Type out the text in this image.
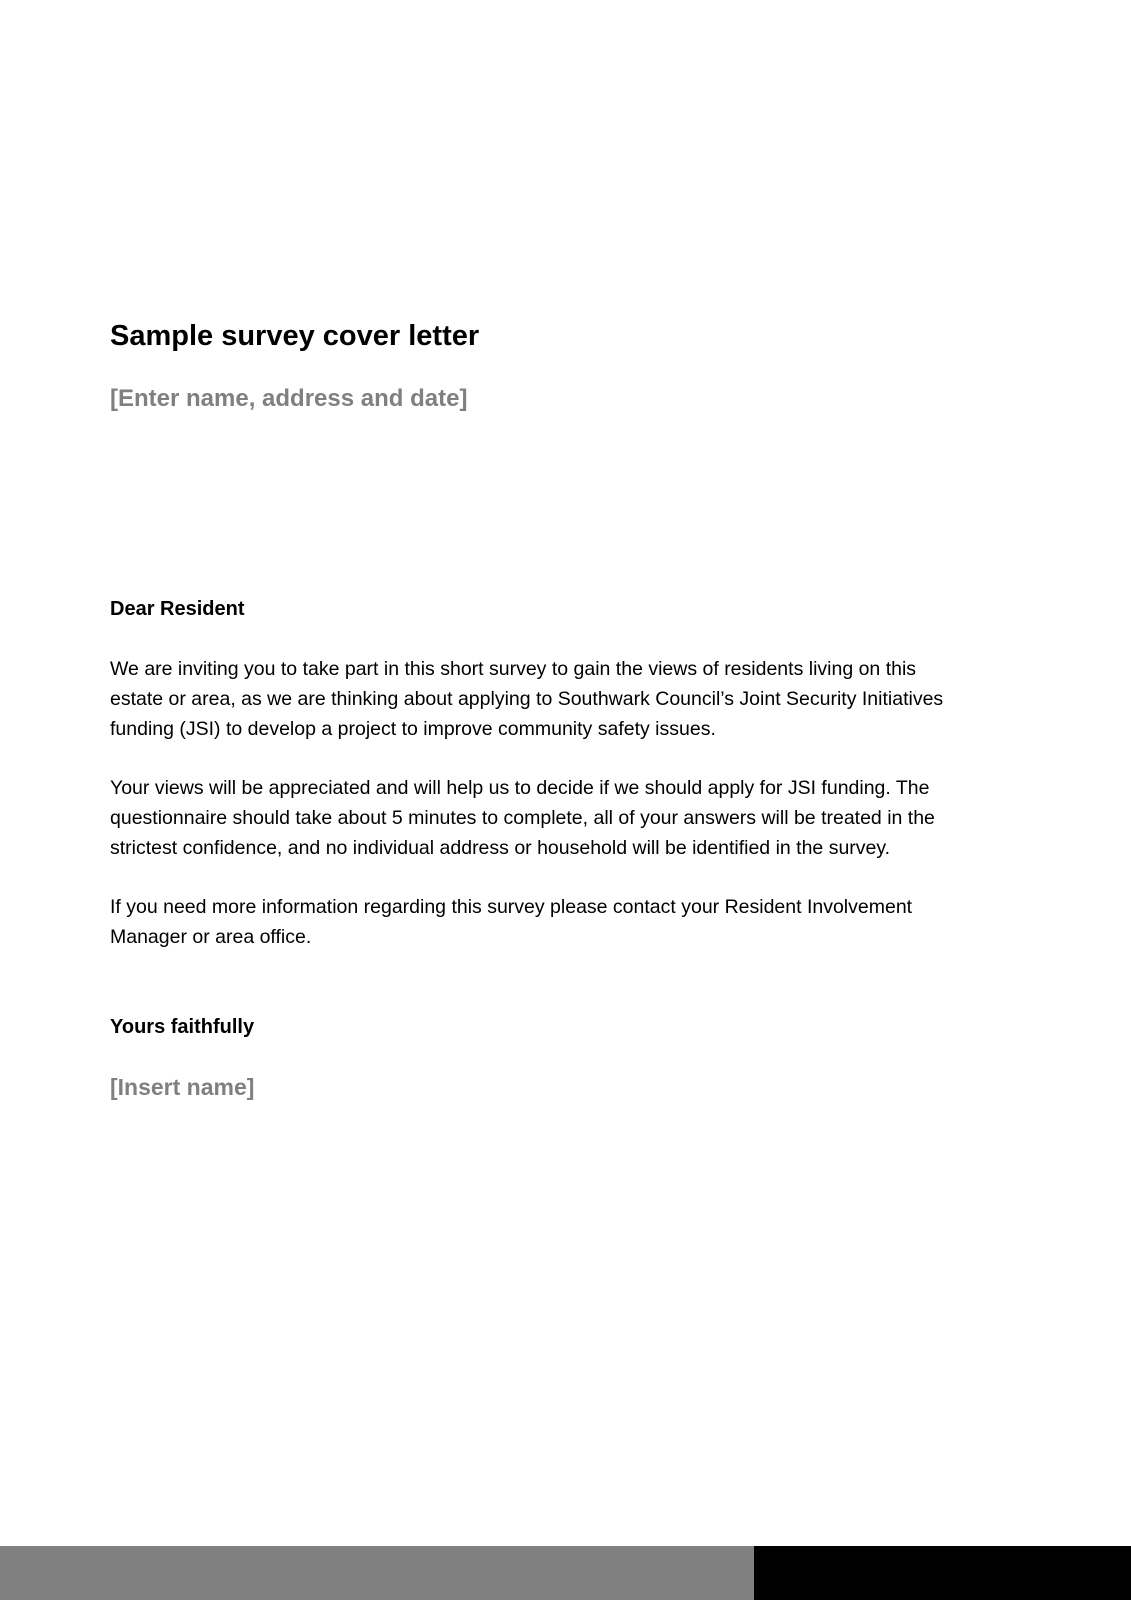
Sample survey cover letter
[Enter name, address and date]
Dear Resident

We are inviting you to take part in this short survey to gain the views of residents living on this
estate or area, as we are thinking about applying to Southwark Council’s Joint Security Initiatives
funding (JSI) to develop a project to improve community safety issues.

Your views will be appreciated and will help us to decide if we should apply for JSI funding. The
questionnaire should take about 5 minutes to complete, all of your answers will be treated in the
strictest confidence, and no individual address or household will be identified in the survey.

If you need more information regarding this survey please contact your Resident Involvement
Manager or area office.

Yours faithfully
[Insert name]
